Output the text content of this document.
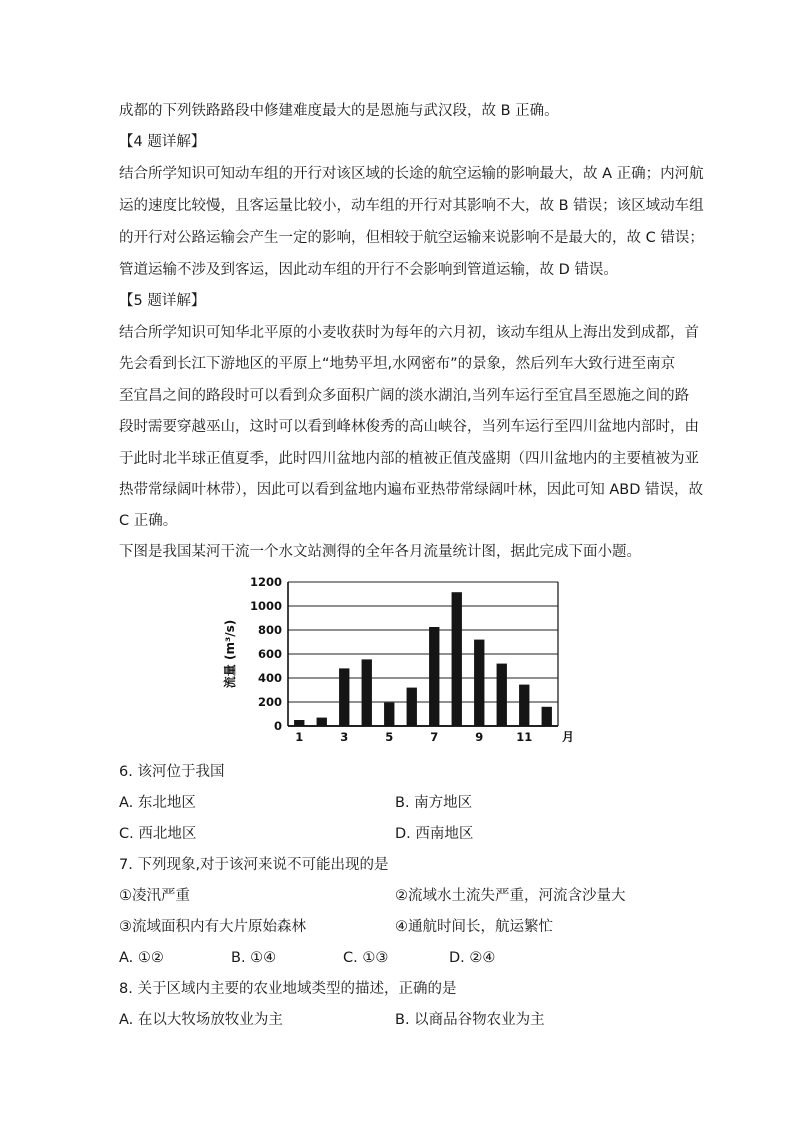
成都的下列铁路路段中修建难度最大的是恩施与武汉段，故 B 正确。
【4 题详解】
结合所学知识可知动车组的开行对该区域的长途的航空运输的影响最大，故 A 正确；内河航
运的速度比较慢，且客运量比较小，动车组的开行对其影响不大，故 B 错误；该区域动车组
的开行对公路运输会产生一定的影响，但相较于航空运输来说影响不是最大的，故 C 错误；
管道运输不涉及到客运，因此动车组的开行不会影响到管道运输，故 D 错误。
【5 题详解】
结合所学知识可知华北平原的小麦收获时为每年的六月初，该动车组从上海出发到成都，首
先会看到长江下游地区的平原上“地势平坦,水网密布”的景象，然后列车大致行进至南京
至宜昌之间的路段时可以看到众多面积广阔的淡水湖泊,当列车运行至宜昌至恩施之间的路
段时需要穿越巫山，这时可以看到峰林俊秀的高山峡谷，当列车运行至四川盆地内部时，由
于此时北半球正值夏季，此时四川盆地内部的植被正值茂盛期（四川盆地内的主要植被为亚
热带常绿阔叶林带），因此可以看到盆地内遍布亚热带常绿阔叶林，因此可知 ABD 错误，故
C 正确。
下图是我国某河干流一个水文站测得的全年各月流量统计图，据此完成下面小题。
0
200
400
600
800
1000
1200
1	3	5	7	9	11 月
流量 (m³/s)
6. 该河位于我国
A. 东北地区	B. 南方地区
C. 西北地区	D. 西南地区
7. 下列现象,对于该河来说不可能出现的是
①凌汛严重	②流域水土流失严重，河流含沙量大
③流域面积内有大片原始森林	④通航时间长，航运繁忙
A. ①②	B. ①④	C. ①③	D. ②④
8. 关于区域内主要的农业地域类型的描述，正确的是
A. 在以大牧场放牧业为主	B. 以商品谷物农业为主
